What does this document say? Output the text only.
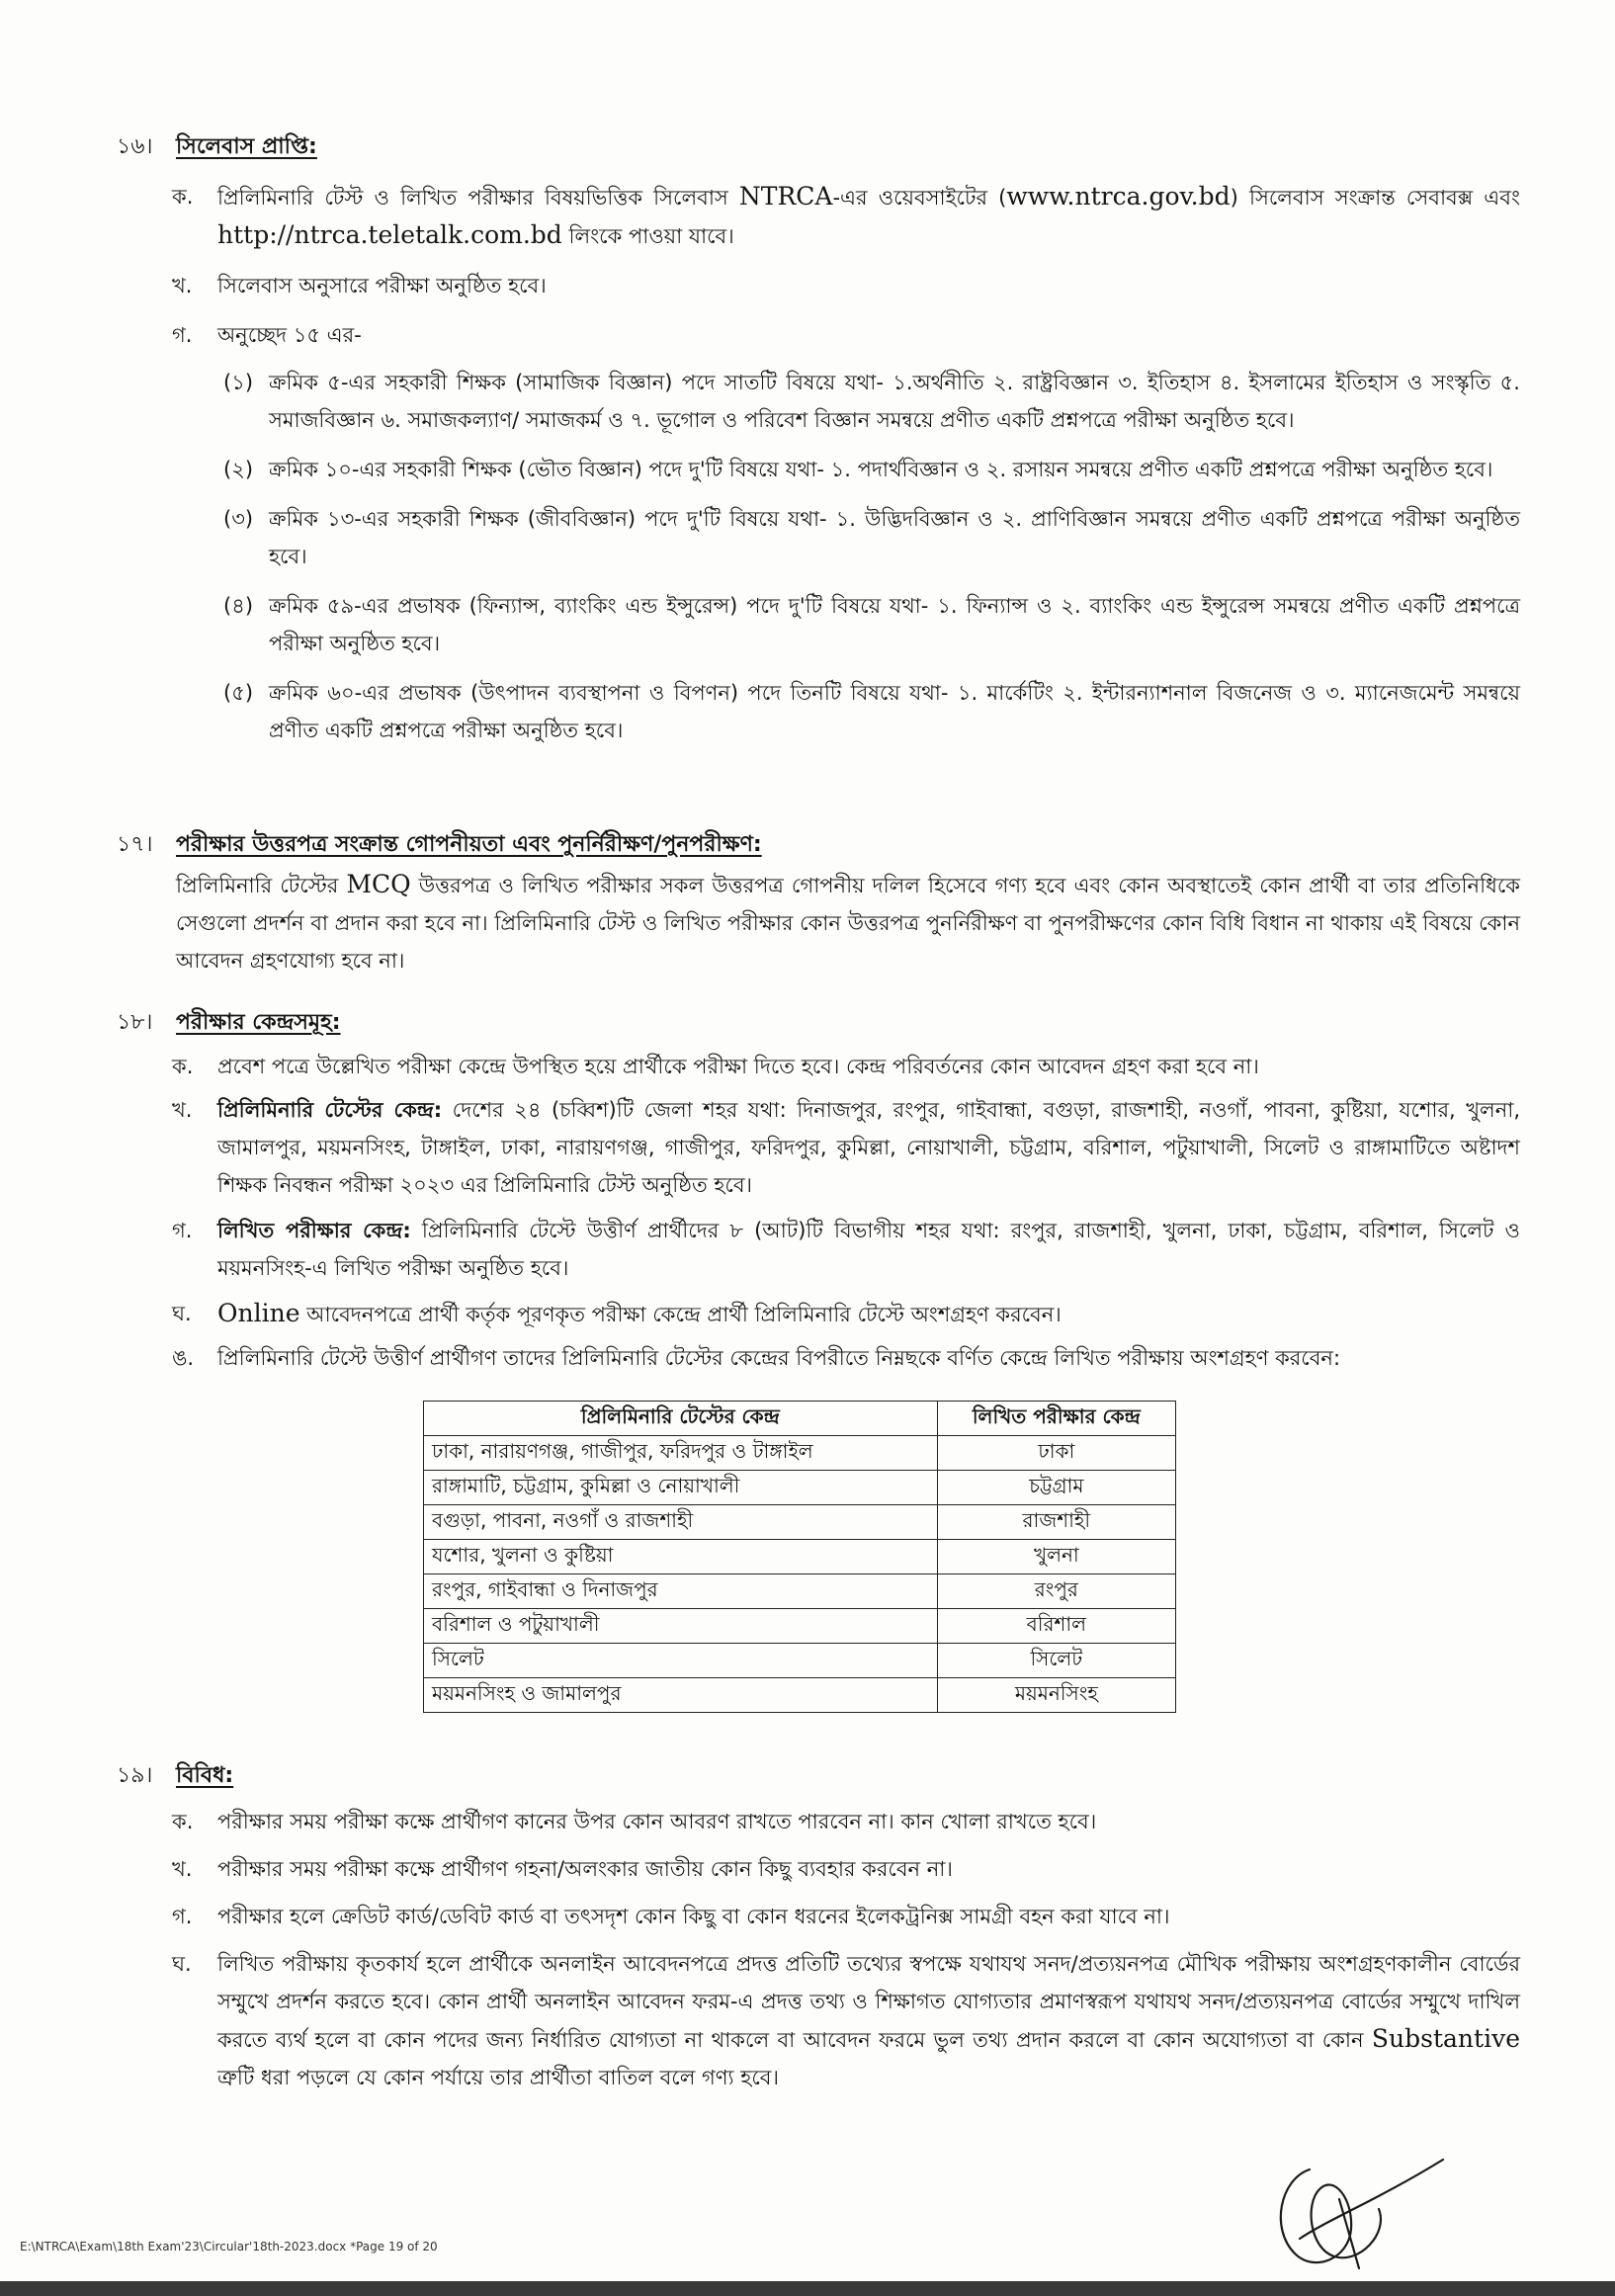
১৬।	সিলেবাস প্রাপ্তি:
ক.	প্রিলিমিনারি টেস্ট ও লিখিত পরীক্ষার বিষয়ভিত্তিক সিলেবাস NTRCA-এর ওয়েবসাইটের (www.ntrca.gov.bd) সিলেবাস সংক্রান্ত সেবাবক্স এবং http://ntrca.teletalk.com.bd লিংকে পাওয়া যাবে।
খ.	সিলেবাস অনুসারে পরীক্ষা অনুষ্ঠিত হবে।
গ.	অনুচ্ছেদ ১৫ এর-
(১) ক্রমিক ৫-এর সহকারী শিক্ষক (সামাজিক বিজ্ঞান) পদে সাতটি বিষয়ে যথা- ১.অর্থনীতি ২. রাষ্ট্রবিজ্ঞান ৩. ইতিহাস ৪. ইসলামের ইতিহাস ও সংস্কৃতি ৫. সমাজবিজ্ঞান ৬. সমাজকল্যাণ/ সমাজকর্ম ও ৭. ভূগোল ও পরিবেশ বিজ্ঞান সমন্বয়ে প্রণীত একটি প্রশ্নপত্রে পরীক্ষা অনুষ্ঠিত হবে।
(২) ক্রমিক ১০-এর সহকারী শিক্ষক (ভৌত বিজ্ঞান) পদে দু'টি বিষয়ে যথা- ১. পদার্থবিজ্ঞান ও ২. রসায়ন সমন্বয়ে প্রণীত একটি প্রশ্নপত্রে পরীক্ষা অনুষ্ঠিত হবে।
(৩) ক্রমিক ১৩-এর সহকারী শিক্ষক (জীববিজ্ঞান) পদে দু'টি বিষয়ে যথা- ১. উদ্ভিদবিজ্ঞান ও ২. প্রাণিবিজ্ঞান সমন্বয়ে প্রণীত একটি প্রশ্নপত্রে পরীক্ষা অনুষ্ঠিত হবে।
(৪) ক্রমিক ৫৯-এর প্রভাষক (ফিন্যান্স, ব্যাংকিং এন্ড ইন্সুরেন্স) পদে দু'টি বিষয়ে যথা- ১. ফিন্যান্স ও ২. ব্যাংকিং এন্ড ইন্সুরেন্স সমন্বয়ে প্রণীত একটি প্রশ্নপত্রে পরীক্ষা অনুষ্ঠিত হবে।
(৫) ক্রমিক ৬০-এর প্রভাষক (উৎপাদন ব্যবস্থাপনা ও বিপণন) পদে তিনটি বিষয়ে যথা- ১. মার্কেটিং ২. ইন্টারন্যাশনাল বিজনেজ ও ৩. ম্যানেজমেন্ট সমন্বয়ে প্রণীত একটি প্রশ্নপত্রে পরীক্ষা অনুষ্ঠিত হবে।
১৭।	পরীক্ষার উত্তরপত্র সংক্রান্ত গোপনীয়তা এবং পুনর্নিরীক্ষণ/পুনপরীক্ষণ:
প্রিলিমিনারি টেস্টের MCQ উত্তরপত্র ও লিখিত পরীক্ষার সকল উত্তরপত্র গোপনীয় দলিল হিসেবে গণ্য হবে এবং কোন অবস্থাতেই কোন প্রার্থী বা তার প্রতিনিধিকে সেগুলো প্রদর্শন বা প্রদান করা হবে না। প্রিলিমিনারি টেস্ট ও লিখিত পরীক্ষার কোন উত্তরপত্র পুনর্নিরীক্ষণ বা পুনপরীক্ষণের কোন বিধি বিধান না থাকায় এই বিষয়ে কোন আবেদন গ্রহণযোগ্য হবে না।
১৮।	পরীক্ষার কেন্দ্রসমূহ:
ক.	প্রবেশ পত্রে উল্লেখিত পরীক্ষা কেন্দ্রে উপস্থিত হয়ে প্রার্থীকে পরীক্ষা দিতে হবে। কেন্দ্র পরিবর্তনের কোন আবেদন গ্রহণ করা হবে না।
খ.	প্রিলিমিনারি টেস্টের কেন্দ্র: দেশের ২৪ (চব্বিশ)টি জেলা শহর যথা: দিনাজপুর, রংপুর, গাইবান্ধা, বগুড়া, রাজশাহী, নওগাঁ, পাবনা, কুষ্টিয়া, যশোর, খুলনা, জামালপুর, ময়মনসিংহ, টাঙ্গাইল, ঢাকা, নারায়ণগঞ্জ, গাজীপুর, ফরিদপুর, কুমিল্লা, নোয়াখালী, চট্টগ্রাম, বরিশাল, পটুয়াখালী, সিলেট ও রাঙ্গামাটিতে অষ্টাদশ শিক্ষক নিবন্ধন পরীক্ষা ২০২৩ এর প্রিলিমিনারি টেস্ট অনুষ্ঠিত হবে।
গ.	লিখিত পরীক্ষার কেন্দ্র: প্রিলিমিনারি টেস্টে উত্তীর্ণ প্রার্থীদের ৮ (আট)টি বিভাগীয় শহর যথা: রংপুর, রাজশাহী, খুলনা, ঢাকা, চট্টগ্রাম, বরিশাল, সিলেট ও ময়মনসিংহ-এ লিখিত পরীক্ষা অনুষ্ঠিত হবে।
ঘ.	Online আবেদনপত্রে প্রার্থী কর্তৃক পূরণকৃত পরীক্ষা কেন্দ্রে প্রার্থী প্রিলিমিনারি টেস্টে অংশগ্রহণ করবেন।
ঙ.	প্রিলিমিনারি টেস্টে উত্তীর্ণ প্রার্থীগণ তাদের প্রিলিমিনারি টেস্টের কেন্দ্রের বিপরীতে নিম্নছকে বর্ণিত কেন্দ্রে লিখিত পরীক্ষায় অংশগ্রহণ করবেন:
প্রিলিমিনারি টেস্টের কেন্দ্র	লিখিত পরীক্ষার কেন্দ্র
ঢাকা, নারায়ণগঞ্জ, গাজীপুর, ফরিদপুর ও টাঙ্গাইল	ঢাকা
রাঙ্গামাটি, চট্টগ্রাম, কুমিল্লা ও নোয়াখালী	চট্টগ্রাম
বগুড়া, পাবনা, নওগাঁ ও রাজশাহী	রাজশাহী
যশোর, খুলনা ও কুষ্টিয়া	খুলনা
রংপুর, গাইবান্ধা ও দিনাজপুর	রংপুর
বরিশাল ও পটুয়াখালী	বরিশাল
সিলেট	সিলেট
ময়মনসিংহ ও জামালপুর	ময়মনসিংহ
১৯।	বিবিধ:
ক.	পরীক্ষার সময় পরীক্ষা কক্ষে প্রার্থীগণ কানের উপর কোন আবরণ রাখতে পারবেন না। কান খোলা রাখতে হবে।
খ.	পরীক্ষার সময় পরীক্ষা কক্ষে প্রার্থীগণ গহনা/অলংকার জাতীয় কোন কিছু ব্যবহার করবেন না।
গ.	পরীক্ষার হলে ক্রেডিট কার্ড/ডেবিট কার্ড বা তৎসদৃশ কোন কিছু বা কোন ধরনের ইলেকট্রনিক্স সামগ্রী বহন করা যাবে না।
ঘ.	লিখিত পরীক্ষায় কৃতকার্য হলে প্রার্থীকে অনলাইন আবেদনপত্রে প্রদত্ত প্রতিটি তথ্যের স্বপক্ষে যথাযথ সনদ/প্রত্যয়নপত্র মৌখিক পরীক্ষায় অংশগ্রহণকালীন বোর্ডের সম্মুখে প্রদর্শন করতে হবে। কোন প্রার্থী অনলাইন আবেদন ফরম-এ প্রদত্ত তথ্য ও শিক্ষাগত যোগ্যতার প্রমাণস্বরূপ যথাযথ সনদ/প্রত্যয়নপত্র বোর্ডের সম্মুখে দাখিল করতে ব্যর্থ হলে বা কোন পদের জন্য নির্ধারিত যোগ্যতা না থাকলে বা আবেদন ফরমে ভুল তথ্য প্রদান করলে বা কোন অযোগ্যতা বা কোন Substantive ত্রুটি ধরা পড়লে যে কোন পর্যায়ে তার প্রার্থীতা বাতিল বলে গণ্য হবে।
E:\NTRCA\Exam\18th Exam'23\Circular'18th-2023.docx *Page 19 of 20
